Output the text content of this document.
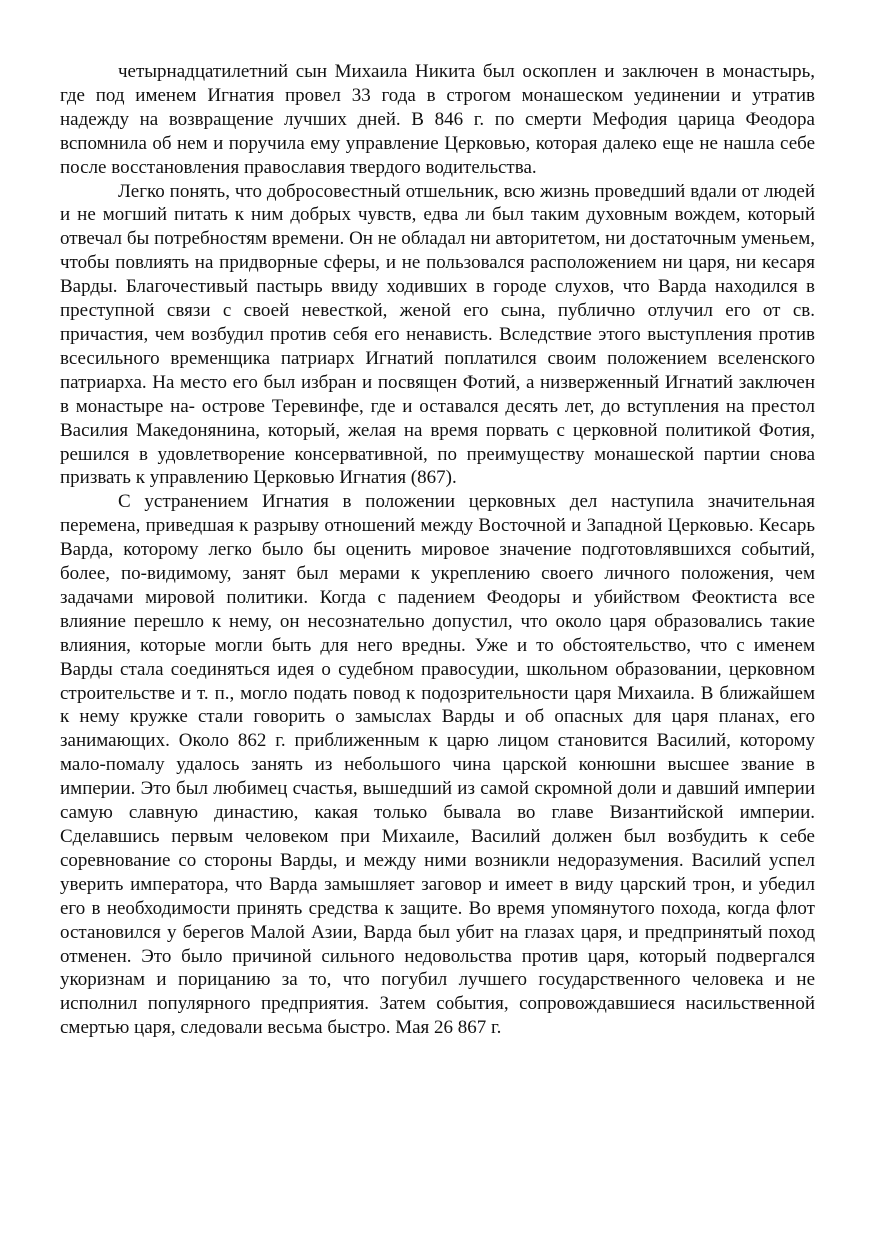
четырнадцатилетний сын Михаила Никита был оскоплен и заключен в монастырь, где под именем Игнатия провел 33 года в строгом монашеском уединении и утратив надежду на возвращение лучших дней. В 846 г. по смерти Мефодия царица Феодора вспомнила об нем и поручила ему управление Церковью, которая далеко еще не нашла себе после восстановления православия твердого водительства.

Легко понять, что добросовестный отшельник, всю жизнь проведший вдали от людей и не могший питать к ним добрых чувств, едва ли был таким духовным вождем, который отвечал бы потребностям времени. Он не обладал ни авторитетом, ни достаточным уменьем, чтобы повлиять на придворные сферы, и не пользовался расположением ни царя, ни кесаря Варды. Благочестивый пастырь ввиду ходивших в городе слухов, что Варда находился в преступной связи с своей невесткой, женой его сына, публично отлучил его от св. причастия, чем возбудил против себя его ненависть. Вследствие этого выступления против всесильного временщика патриарх Игнатий поплатился своим положением вселенского патриарха. На место его был избран и посвящен Фотий, а низверженный Игнатий заключен в монастыре на‐ острове Теревинфе, где и оставался десять лет, до вступления на престол Василия Македонянина, который, желая на время порвать с церковной политикой Фотия, решился в удовлетворение консервативной, по преимуществу монашеской партии снова призвать к управлению Церковью Игнатия (867).

С устранением Игнатия в положении церковных дел наступила значительная перемена, приведшая к разрыву отношений между Восточной и Западной Церковью. Кесарь Варда, которому легко было бы оценить мировое значение подготовлявшихся событий, более, по‐видимому, занят был мерами к укреплению своего личного положения, чем задачами мировой политики. Когда с падением Феодоры и убийством Феоктиста все влияние перешло к нему, он несознательно допустил, что около царя образовались такие влияния, которые могли быть для него вредны. Уже и то обстоятельство, что с именем Варды стала соединяться идея о судебном правосудии, школьном образовании, церковном строительстве и т. п., могло подать повод к подозрительности царя Михаила. В ближайшем к нему кружке стали говорить о замыслах Варды и об опасных для царя планах, его занимающих. Около 862 г. приближенным к царю лицом становится Василий, которому мало‐помалу удалось занять из небольшого чина царской конюшни высшее звание в империи. Это был любимец счастья, вышедший из самой скромной доли и давший империи самую славную династию, какая только бывала во главе Византийской империи. Сделавшись первым человеком при Михаиле, Василий должен был возбудить к себе соревнование со стороны Варды, и между ними возникли недоразумения. Василий успел уверить императора, что Варда замышляет заговор и имеет в виду царский трон, и убедил его в необходимости принять средства к защите. Во время упомянутого похода, когда флот остановился у берегов Малой Азии, Варда был убит на глазах царя, и предпринятый поход отменен. Это было причиной сильного недовольства против царя, который подвергался укоризнам и порицанию за то, что погубил лучшего государственного человека и не исполнил популярного предприятия. Затем события, сопровождавшиеся насильственной смертью царя, следовали весьма быстро. Мая 26 867 г.
